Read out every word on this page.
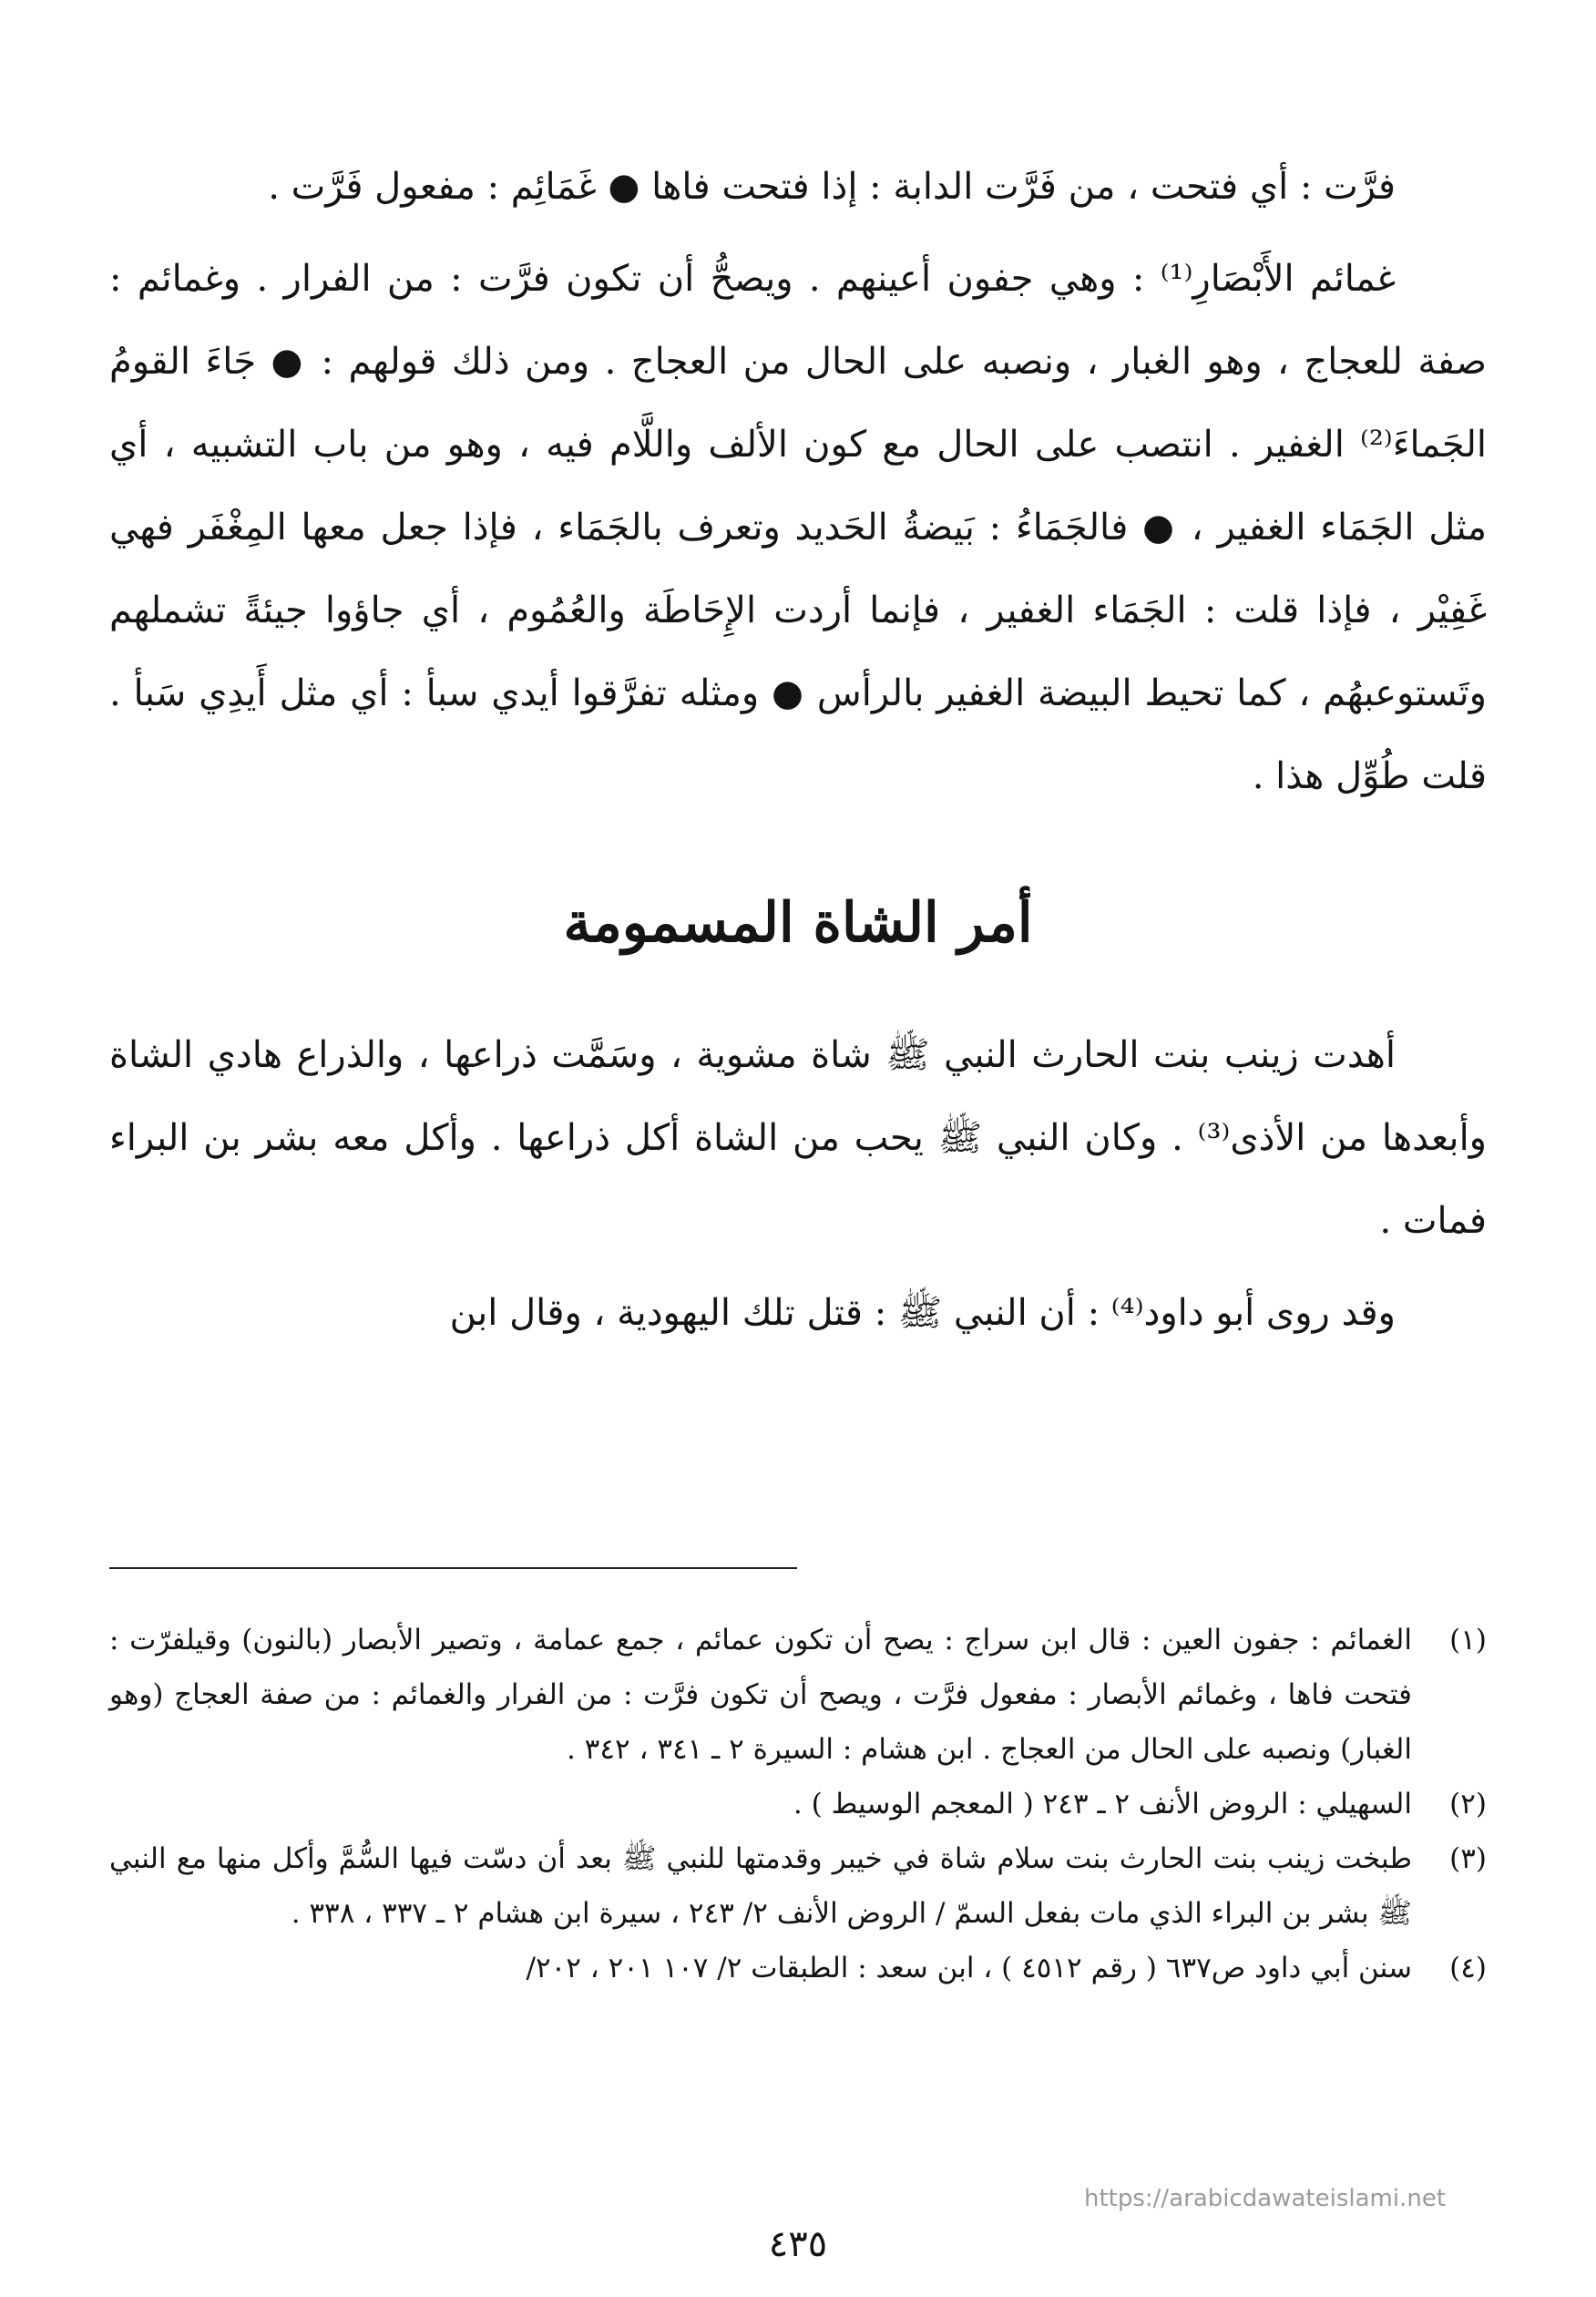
فرَّت : أي فتحت ، من فَرَّت الدابة : إذا فتحت فاها ● غَمَائِم : مفعول فَرَّت .

غمائم الأَبْصَارِ⁽¹⁾ : وهي جفون أعينهم . ويصحُّ أن تكون فرَّت : من الفرار . وغمائم : صفة للعجاج ، وهو الغبار ، ونصبه على الحال من العجاج . ومن ذلك قولهم : ● جَاءَ القومُ الجَماءَ⁽²⁾ الغفير . انتصب على الحال مع كون الألف واللَّام فيه ، وهو من باب التشبيه ، أي مثل الجَمَاء الغفير ، ● فالجَمَاءُ : بَيضةُ الحَديد وتعرف بالجَمَاء ، فإذا جعل معها المِغْفَر فهي غَفِيْر ، فإذا قلت : الجَمَاء الغفير ، فإنما أردت الإِحَاطَة والعُمُوم ، أي جاؤوا جيئةً تشملهم وتَستوعبهُم ، كما تحيط البيضة الغفير بالرأس ● ومثله تفرَّقوا أيدي سبأ : أي مثل أَيدِي سَبأ . قلت طُوِّل هذا .

أمر الشاة المسمومة

أهدت زينب بنت الحارث النبي ﷺ شاة مشوية ، وسَمَّت ذراعها ، والذراع هادي الشاة وأبعدها من الأذى⁽³⁾ . وكان النبي ﷺ يحب من الشاة أكل ذراعها . وأكل معه بشر بن البراء فمات .

وقد روى أبو داود⁽⁴⁾ : أن النبي ﷺ : قتل تلك اليهودية ، وقال ابن

(١)
الغمائم : جفون العين : قال ابن سراج : يصح أن تكون عمائم ، جمع عمامة ، وتصير الأبصار (بالنون) وقيلفرّت : فتحت فاها ، وغمائم الأبصار : مفعول فرَّت ، ويصح أن تكون فرَّت : من الفرار والغمائم : من صفة العجاج (وهو الغبار) ونصبه على الحال من العجاج . ابن هشام : السيرة ٢ ـ ٣٤١ ، ٣٤٢ .
(٢)
السهيلي : الروض الأنف ٢ ـ ٢٤٣ ( المعجم الوسيط ) .
(٣)
طبخت زينب بنت الحارث بنت سلام شاة في خيبر وقدمتها للنبي ﷺ بعد أن دسّت فيها السُّمَّ وأكل منها مع النبي ﷺ بشر بن البراء الذي مات بفعل السمّ / الروض الأنف ٢/ ٢٤٣ ، سيرة ابن هشام ٢ ـ ٣٣٧ ، ٣٣٨ .
(٤)
سنن أبي داود ص٦٣٧ ( رقم ٤٥١٢ ) ، ابن سعد : الطبقات ٢/ ١٠٧ ٢٠١ ، ٢٠٢/
https://arabicdawateislami.net
٤٣٥
